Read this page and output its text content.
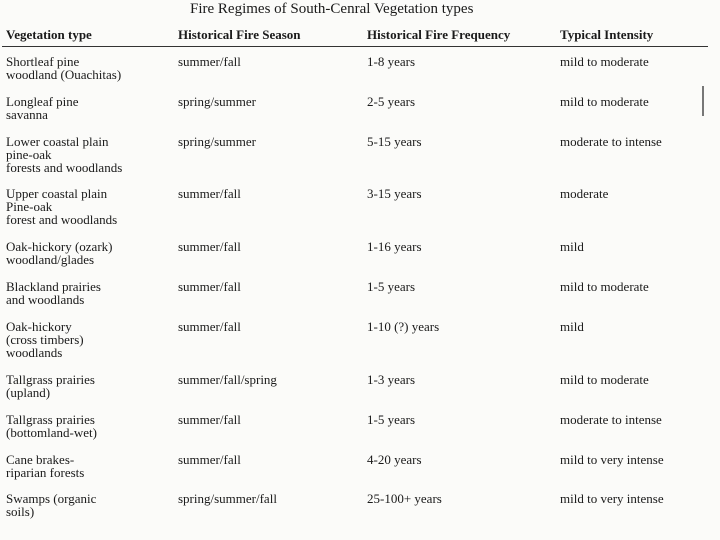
Fire Regimes of South-Cenral Vegetation types
Vegetation type	Historical Fire Season	Historical Fire Frequency	Typical Intensity
Shortleaf pine
woodland (Ouachitas)
summer/fall	1-8 years	mild to moderate
Longleaf pine
savanna
spring/summer	2-5 years	mild to moderate
Lower coastal plain
pine-oak
forests and woodlands
spring/summer	5-15 years	moderate to intense
Upper coastal plain
Pine-oak
forest and woodlands
summer/fall	3-15 years	moderate
Oak-hickory (ozark)
woodland/glades
summer/fall	1-16 years	mild
Blackland prairies
and woodlands
summer/fall	1-5 years	mild to moderate
Oak-hickory
(cross timbers)
woodlands
summer/fall	1-10 (?) years	mild
Tallgrass prairies
(upland)
summer/fall/spring	1-3 years	mild to moderate
Tallgrass prairies
(bottomland-wet)
summer/fall	1-5 years	moderate to intense
Cane brakes-
riparian forests
summer/fall	4-20 years	mild to very intense
Swamps (organic
soils)
spring/summer/fall	25-100+ years	mild to very intense
